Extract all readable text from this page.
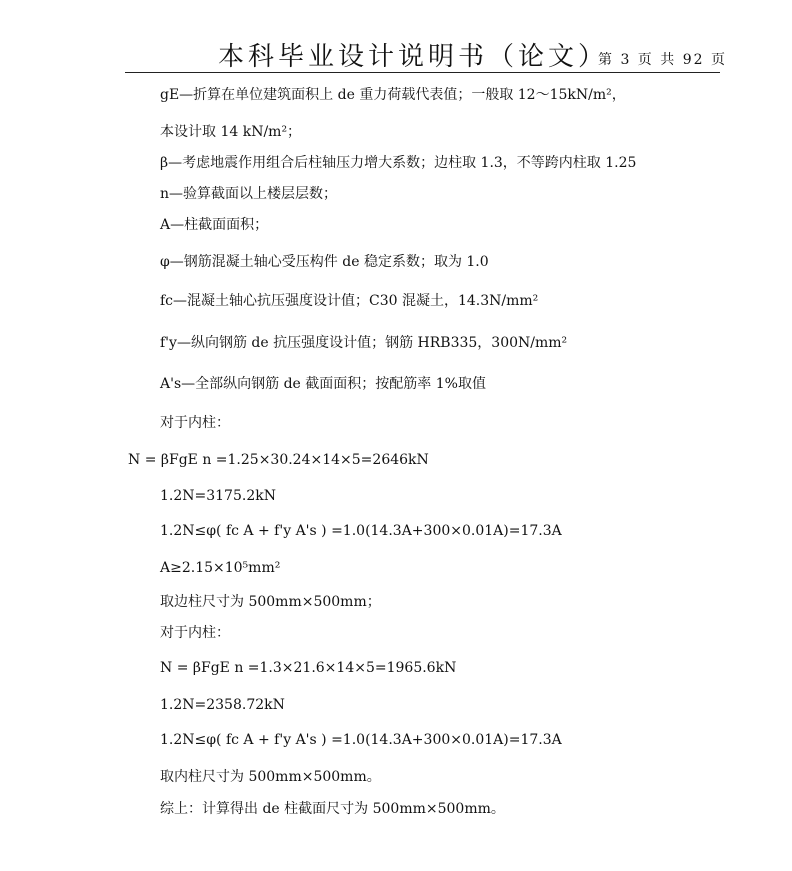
本科毕业设计说明书（论文）
第 3 页 共 92 页
gE—折算在单位建筑面积上 de 重力荷载代表值；一般取 12～15kN/m²，
本设计取 14 kN/m²；
β—考虑地震作用组合后柱轴压力增大系数；边柱取 1.3，不等跨内柱取 1.25
n—验算截面以上楼层层数；
A—柱截面面积；
φ—钢筋混凝土轴心受压构件 de 稳定系数；取为 1.0
fc—混凝土轴心抗压强度设计值；C30 混凝土，14.3N/mm²
f'y—纵向钢筋 de 抗压强度设计值；钢筋 HRB335，300N/mm²
A's—全部纵向钢筋 de 截面面积；按配筋率 1%取值
对于内柱：
N = βFgE n =1.25×30.24×14×5=2646kN
1.2N=3175.2kN
1.2N≤φ( fc A + f'y A's ) =1.0(14.3A+300×0.01A)=17.3A
A≥2.15×10⁵mm²
取边柱尺寸为 500mm×500mm；
对于内柱：
N = βFgE n =1.3×21.6×14×5=1965.6kN
1.2N=2358.72kN
1.2N≤φ( fc A + f'y A's ) =1.0(14.3A+300×0.01A)=17.3A
取内柱尺寸为 500mm×500mm。
综上：计算得出 de 柱截面尺寸为 500mm×500mm。
